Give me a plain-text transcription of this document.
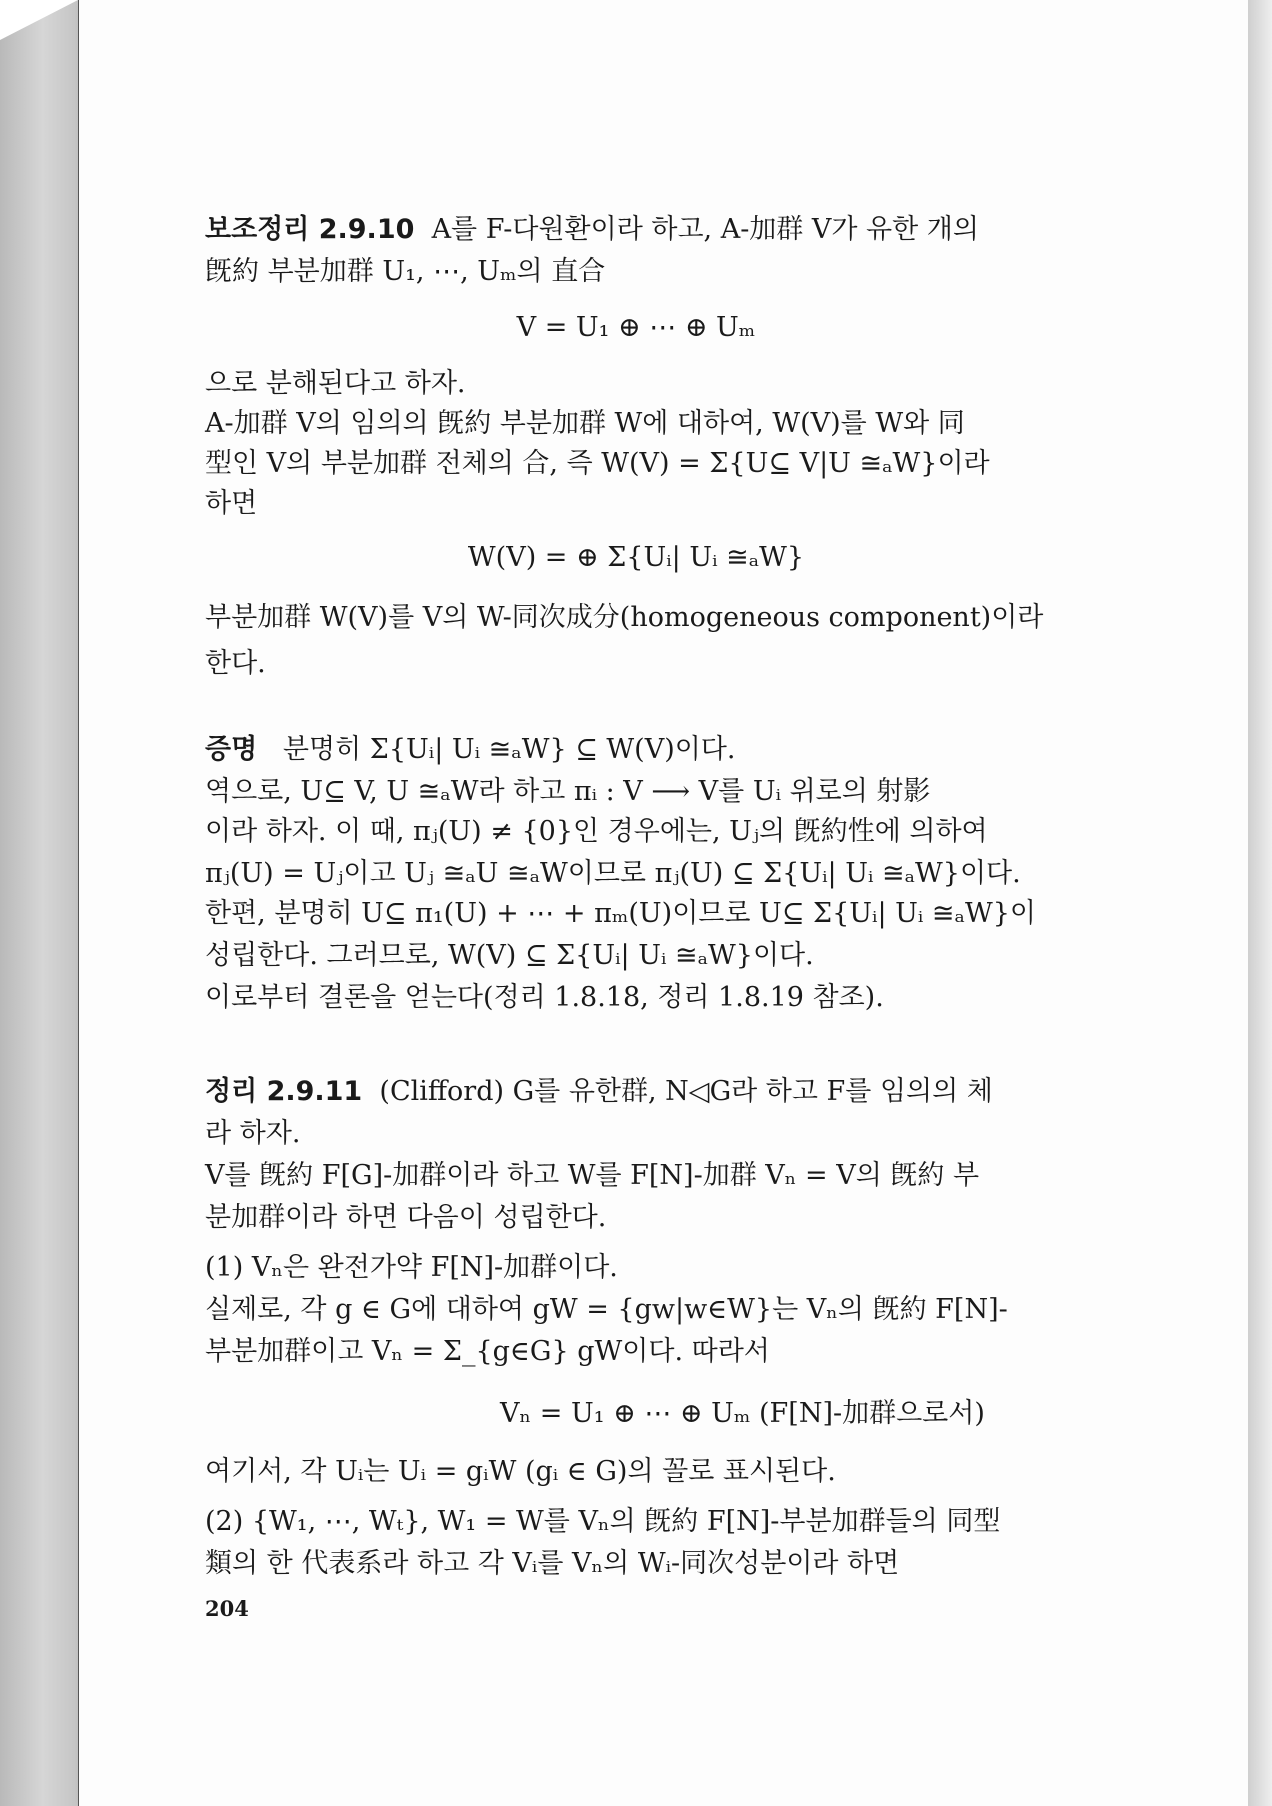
보조정리 2.9.10 A를 F-다원환이라 하고, A-加群 V가 유한 개의
旣約 부분加群 U₁, ⋯, Uₘ의 直合
V = U₁ ⊕ ⋯ ⊕ Uₘ
으로 분해된다고 하자.
A-加群 V의 임의의 旣約 부분加群 W에 대하여, W(V)를 W와 同
型인 V의 부분加群 전체의 合, 즉 W(V) = Σ{U⊆ V|U ≅ₐW}이라
하면
W(V) = ⊕ Σ{Uᵢ| Uᵢ ≅ₐW}
부분加群 W(V)를 V의 W-同次成分(homogeneous component)이라
한다.
증명 분명히 Σ{Uᵢ| Uᵢ ≅ₐW} ⊆ W(V)이다.
역으로, U⊆ V, U ≅ₐW라 하고 πᵢ : V ⟶ V를 Uᵢ 위로의 射影
이라 하자. 이 때, πⱼ(U) ≠ {0}인 경우에는, Uⱼ의 旣約性에 의하여
πⱼ(U) = Uⱼ이고 Uⱼ ≅ₐU ≅ₐW이므로 πⱼ(U) ⊆ Σ{Uᵢ| Uᵢ ≅ₐW}이다.
한편, 분명히 U⊆ π₁(U) + ⋯ + πₘ(U)이므로 U⊆ Σ{Uᵢ| Uᵢ ≅ₐW}이
성립한다. 그러므로, W(V) ⊆ Σ{Uᵢ| Uᵢ ≅ₐW}이다.
이로부터 결론을 얻는다(정리 1.8.18, 정리 1.8.19 참조).
정리 2.9.11 (Clifford) G를 유한群, N◁G라 하고 F를 임의의 체
라 하자.
V를 旣約 F[G]-加群이라 하고 W를 F[N]-加群 Vₙ = V의 旣約 부
분加群이라 하면 다음이 성립한다.
(1) Vₙ은 완전가약 F[N]-加群이다.
실제로, 각 g ∈ G에 대하여 gW = {gw|w∈W}는 Vₙ의 旣約 F[N]-
부분加群이고 Vₙ = Σ_{g∈G} gW이다. 따라서
Vₙ = U₁ ⊕ ⋯ ⊕ Uₘ (F[N]-加群으로서)
여기서, 각 Uᵢ는 Uᵢ = gᵢW (gᵢ ∈ G)의 꼴로 표시된다.
(2) {W₁, ⋯, Wₜ}, W₁ = W를 Vₙ의 旣約 F[N]-부분加群들의 同型
類의 한 代表系라 하고 각 Vᵢ를 Vₙ의 Wᵢ-同次성분이라 하면
204
